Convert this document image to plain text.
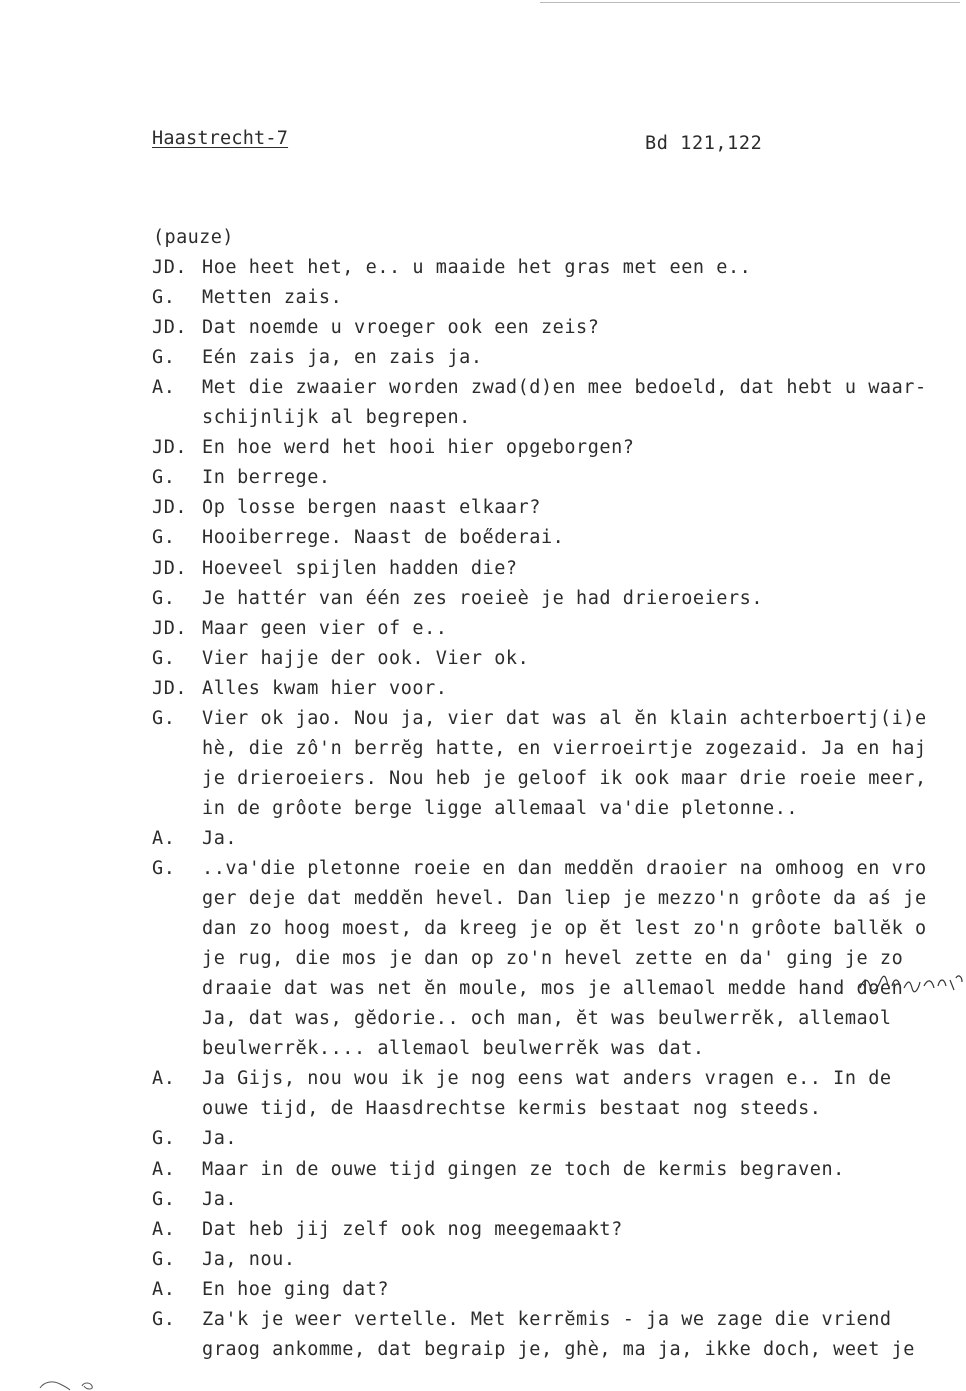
Haastrecht-7	Bd 121,122
(pauze)
JD. Hoe heet het, e.. u maaide het gras met een e..
G. Metten zais.
JD. Dat noemde u vroeger ook een zeis?
G. Eén zais ja, en zais ja.
A. Met die zwaaier worden zwad(d)en mee bedoeld, dat hebt u waar-
schijnlijk al begrepen.
JD. En hoe werd het hooi hier opgeborgen?
G. In berrege.
JD. Op losse bergen naast elkaar?
G. Hooiberrege. Naast de boe̋derai.
JD. Hoeveel spijlen hadden die?
G. Je hattér van één zes roeieè je had drieroeiers.
JD. Maar geen vier of e..
G. Vier hajje der ook. Vier ok.
JD. Alles kwam hier voor.
G. Vier ok jao. Nou ja, vier dat was al ĕn klain achterboertj(i)e
hè, die zô'n berrĕg hatte, en vierroeirtje zogezaid. Ja en haj
je drieroeiers. Nou heb je geloof ik ook maar drie roeie meer,
in de grôote berge ligge allemaal va'die pletonne..
A. Ja.
G. ..va'die pletonne roeie en dan meddĕn draoier na omhoog en vro
ger deje dat meddĕn hevel. Dan liep je mezzo'n grôote da aś je
dan zo hoog moest, da kreeg je op ĕt lest zo'n grôote ballĕk o
je rug, die mos je dan op zo'n hevel zette en da' ging je zo
draaie dat was net ĕn moule, mos je allemaol medde hand doen
Ja, dat was, gĕdorie.. och man, ĕt was beulwerrĕk, allemaol
beulwerrĕk.... allemaol beulwerrĕk was dat.
A. Ja Gijs, nou wou ik je nog eens wat anders vragen e.. In de
ouwe tijd, de Haasdrechtse kermis bestaat nog steeds.
G. Ja.
A. Maar in de ouwe tijd gingen ze toch de kermis begraven.
G. Ja.
A. Dat heb jij zelf ook nog meegemaakt?
G. Ja, nou.
A. En hoe ging dat?
G. Za'k je weer vertelle. Met kerrĕmis - ja we zage die vriend
graog ankomme, dat begraip je, ghè, ma ja, ikke doch, weet je
